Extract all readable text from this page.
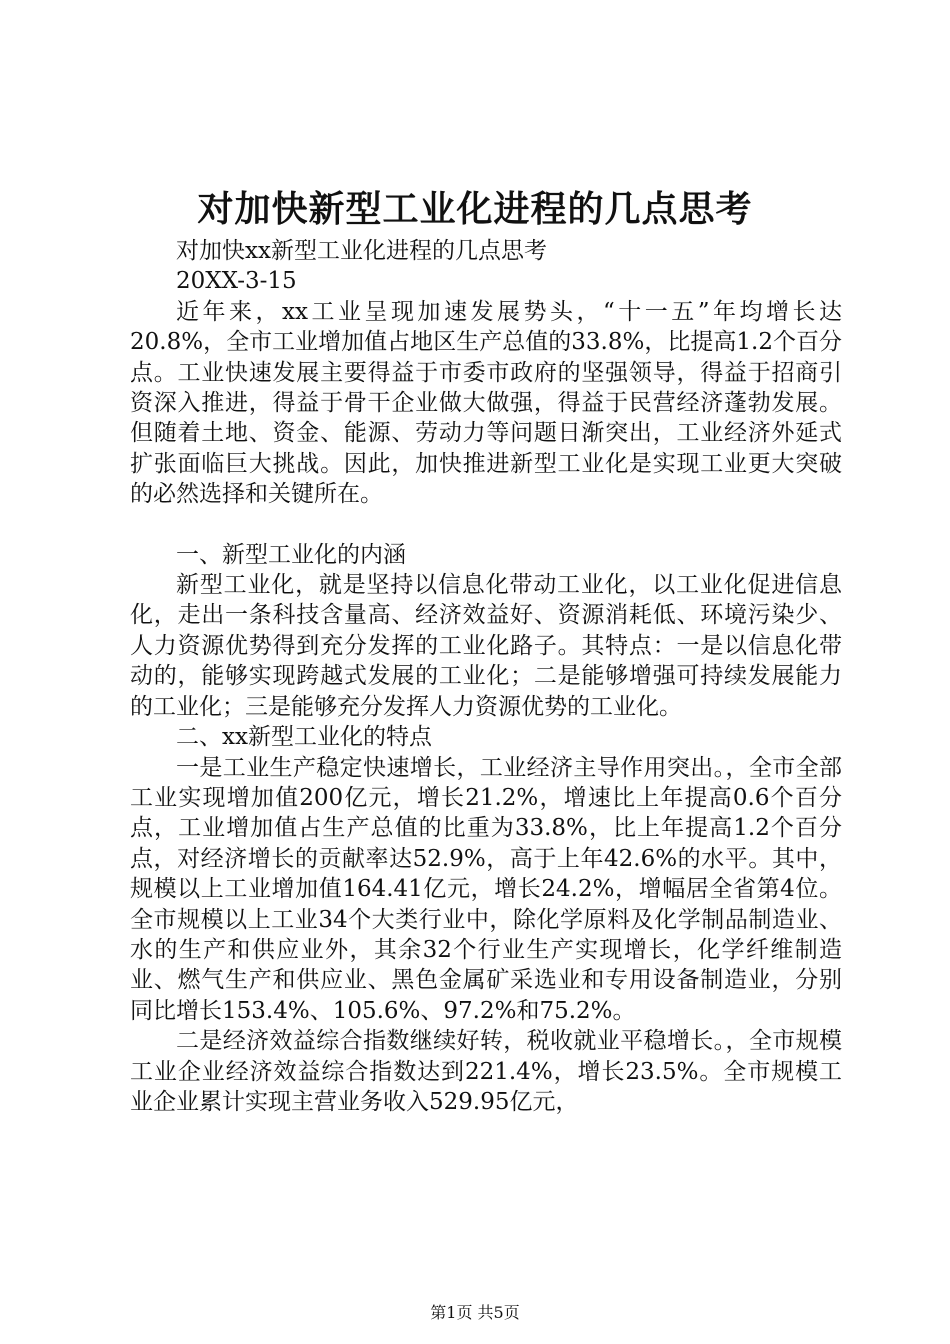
对加快新型工业化进程的几点思考

对加快xx新型工业化进程的几点思考

20XX-3-15

近年来，xx工业呈现加速发展势头，“十一五”年均增长达20.8%，全市工业增加值占地区生产总值的33.8%，比提高1.2个百分点。工业快速发展主要得益于市委市政府的坚强领导，得益于招商引资深入推进，得益于骨干企业做大做强，得益于民营经济蓬勃发展。但随着土地、资金、能源、劳动力等问题日渐突出，工业经济外延式扩张面临巨大挑战。因此，加快推进新型工业化是实现工业更大突破的必然选择和关键所在。

一、新型工业化的内涵

新型工业化，就是坚持以信息化带动工业化，以工业化促进信息化，走出一条科技含量高、经济效益好、资源消耗低、环境污染少、人力资源优势得到充分发挥的工业化路子。其特点：一是以信息化带动的，能够实现跨越式发展的工业化；二是能够增强可持续发展能力的工业化；三是能够充分发挥人力资源优势的工业化。

二、xx新型工业化的特点

一是工业生产稳定快速增长，工业经济主导作用突出。，全市全部工业实现增加值200亿元，增长21.2%，增速比上年提高0.6个百分点，工业增加值占生产总值的比重为33.8%，比上年提高1.2个百分点，对经济增长的贡献率达52.9%，高于上年42.6%的水平。其中，规模以上工业增加值164.41亿元，增长24.2%，增幅居全省第4位。全市规模以上工业34个大类行业中，除化学原料及化学制品制造业、水的生产和供应业外，其余32个行业生产实现增长，化学纤维制造业、燃气生产和供应业、黑色金属矿采选业和专用设备制造业，分别同比增长153.4%、105.6%、97.2%和75.2%。

二是经济效益综合指数继续好转，税收就业平稳增长。，全市规模工业企业经济效益综合指数达到221.4%，增长23.5%。全市规模工业企业累计实现主营业务收入529.95亿元，

第1页 共5页
